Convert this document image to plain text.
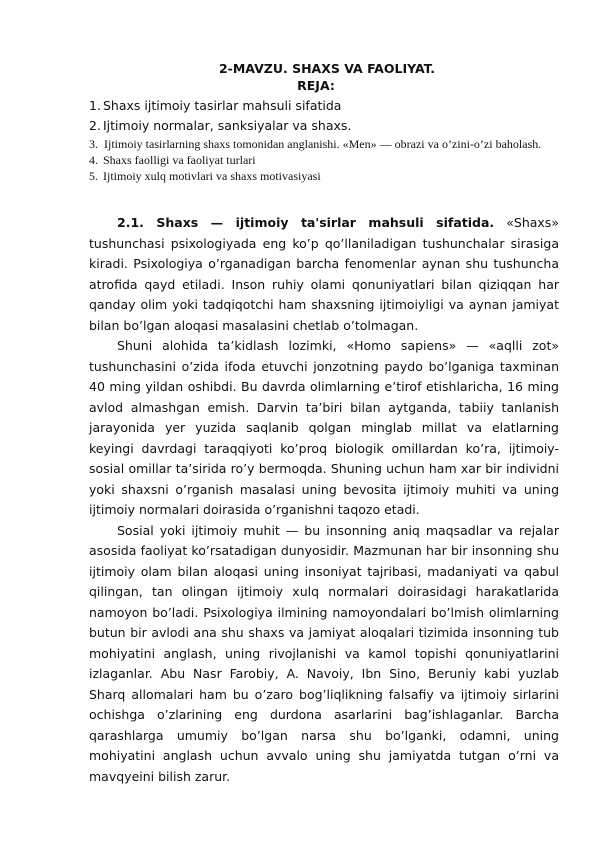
2-MAVZU. SHAXS VA FAOLIYAT.
REJA:
1. Shaxs ijtimoiy tasirlar mahsuli sifatida
2. Ijtimoiy normalar, sanksiyalar va shaxs.
3. Ijtimoiy tasirlarning shaxs tomonidan anglanishi. «Men» — obrazi va o’zini-o’zi baholash.
4. Shaxs faolligi va faoliyat turlari
5. Ijtimoiy xulq motivlari va shaxs motivasiyasi

2.1. Shaxs — ijtimoiy ta'sirlar mahsuli sifatida. «Shaxs» tushunchasi psixologiyada eng ko’p qo’llaniladigan tushunchalar sirasiga kiradi. Psixologiya o’rganadigan barcha fenomenlar aynan shu tushuncha atrofida qayd etiladi. Inson ruhiy olami qonuniyatlari bilan qiziqqan har qanday olim yoki tadqiqotchi ham shaxsning ijtimoiyligi va aynan jamiyat bilan bo’lgan aloqasi masalasini chetlab o’tolmagan.

Shuni alohida ta’kidlash lozimki, «Homo sapiens» — «aqlli zot» tushunchasini o’zida ifoda etuvchi jonzotning paydo bo’lganiga taxminan 40 ming yildan oshibdi. Bu davrda olimlarning e’tirof etishlaricha, 16 ming avlod almashgan emish. Darvin ta’biri bilan aytganda, tabiiy tanlanish jarayonida yer yuzida saqlanib qolgan minglab millat va elatlarning keyingi davrdagi taraqqiyoti ko’proq biologik omillardan ko’ra, ijtimoiy-sosial omillar ta’sirida ro’y bermoqda. Shuning uchun ham xar bir individni yoki shaxsni o’rganish masalasi uning bevosita ijtimoiy muhiti va uning ijtimoiy normalari doirasida o’rganishni taqozo etadi.

Sosial yoki ijtimoiy muhit — bu insonning aniq maqsadlar va rejalar asosida faoliyat ko’rsatadigan dunyosidir. Mazmunan har bir insonning shu ijtimoiy olam bilan aloqasi uning insoniyat tajribasi, madaniyati va qabul qilingan, tan olingan ijtimoiy xulq normalari doirasidagi harakatlarida namoyon bo’ladi. Psixologiya ilmining namoyondalari bo’lmish olimlarning butun bir avlodi ana shu shaxs va jamiyat aloqalari tizimida insonning tub mohiyatini anglash, uning rivojlanishi va kamol topishi qonuniyatlarini izlaganlar. Abu Nasr Farobiy, A. Navoiy, Ibn Sino, Beruniy kabi yuzlab Sharq allomalari ham bu o’zaro bog’liqlikning falsafiy va ijtimoiy sirlarini ochishga o’zlarining eng durdona asarlarini bag’ishlaganlar. Barcha qarashlarga umumiy bo’lgan narsa shu bo’lganki, odamni, uning mohiyatini anglash uchun avvalo uning shu jamiyatda tutgan o’rni va mavqyeini bilish zarur.
